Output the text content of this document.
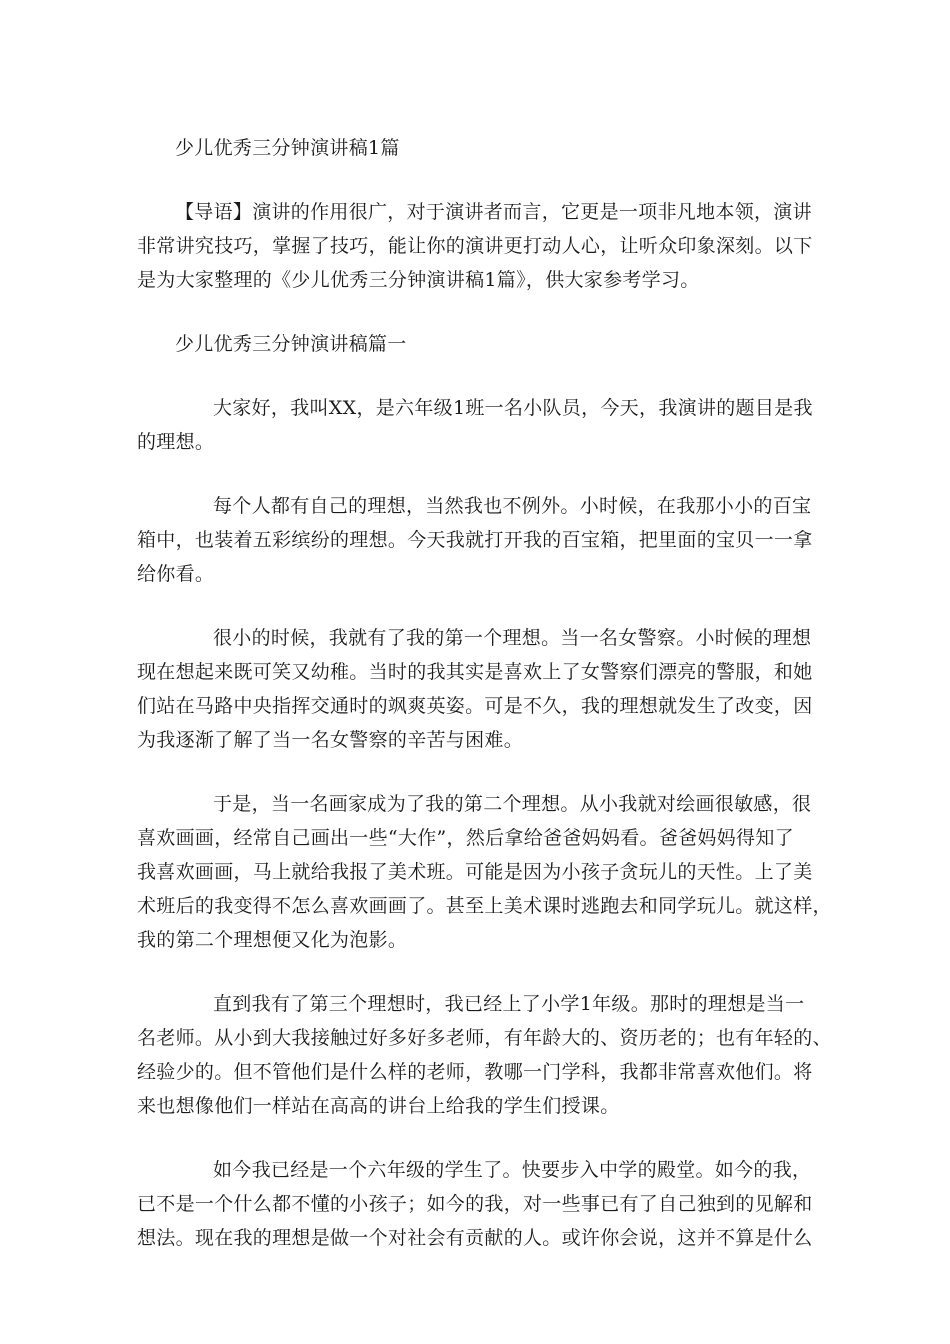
少儿优秀三分钟演讲稿1篇
【导语】演讲的作用很广，对于演讲者而言，它更是一项非凡地本领，演讲
非常讲究技巧，掌握了技巧，能让你的演讲更打动人心，让听众印象深刻。以下
是为大家整理的《少儿优秀三分钟演讲稿1篇》，供大家参考学习。
少儿优秀三分钟演讲稿篇一
大家好，我叫XX，是六年级1班一名小队员，今天，我演讲的题目是我
的理想。
每个人都有自己的理想，当然我也不例外。小时候，在我那小小的百宝
箱中，也装着五彩缤纷的理想。今天我就打开我的百宝箱，把里面的宝贝一一拿
给你看。
很小的时候，我就有了我的第一个理想。当一名女警察。小时候的理想
现在想起来既可笑又幼稚。当时的我其实是喜欢上了女警察们漂亮的警服，和她
们站在马路中央指挥交通时的飒爽英姿。可是不久，我的理想就发生了改变，因
为我逐渐了解了当一名女警察的辛苦与困难。
于是，当一名画家成为了我的第二个理想。从小我就对绘画很敏感，很
喜欢画画，经常自己画出一些“大作”，然后拿给爸爸妈妈看。爸爸妈妈得知了
我喜欢画画，马上就给我报了美术班。可能是因为小孩子贪玩儿的天性。上了美
术班后的我变得不怎么喜欢画画了。甚至上美术课时逃跑去和同学玩儿。就这样，
我的第二个理想便又化为泡影。
直到我有了第三个理想时，我已经上了小学1年级。那时的理想是当一
名老师。从小到大我接触过好多好多老师，有年龄大的、资历老的；也有年轻的、
经验少的。但不管他们是什么样的老师，教哪一门学科，我都非常喜欢他们。将
来也想像他们一样站在高高的讲台上给我的学生们授课。
如今我已经是一个六年级的学生了。快要步入中学的殿堂。如今的我，
已不是一个什么都不懂的小孩子；如今的我，对一些事已有了自己独到的见解和
想法。现在我的理想是做一个对社会有贡献的人。或许你会说，这并不算是什么
